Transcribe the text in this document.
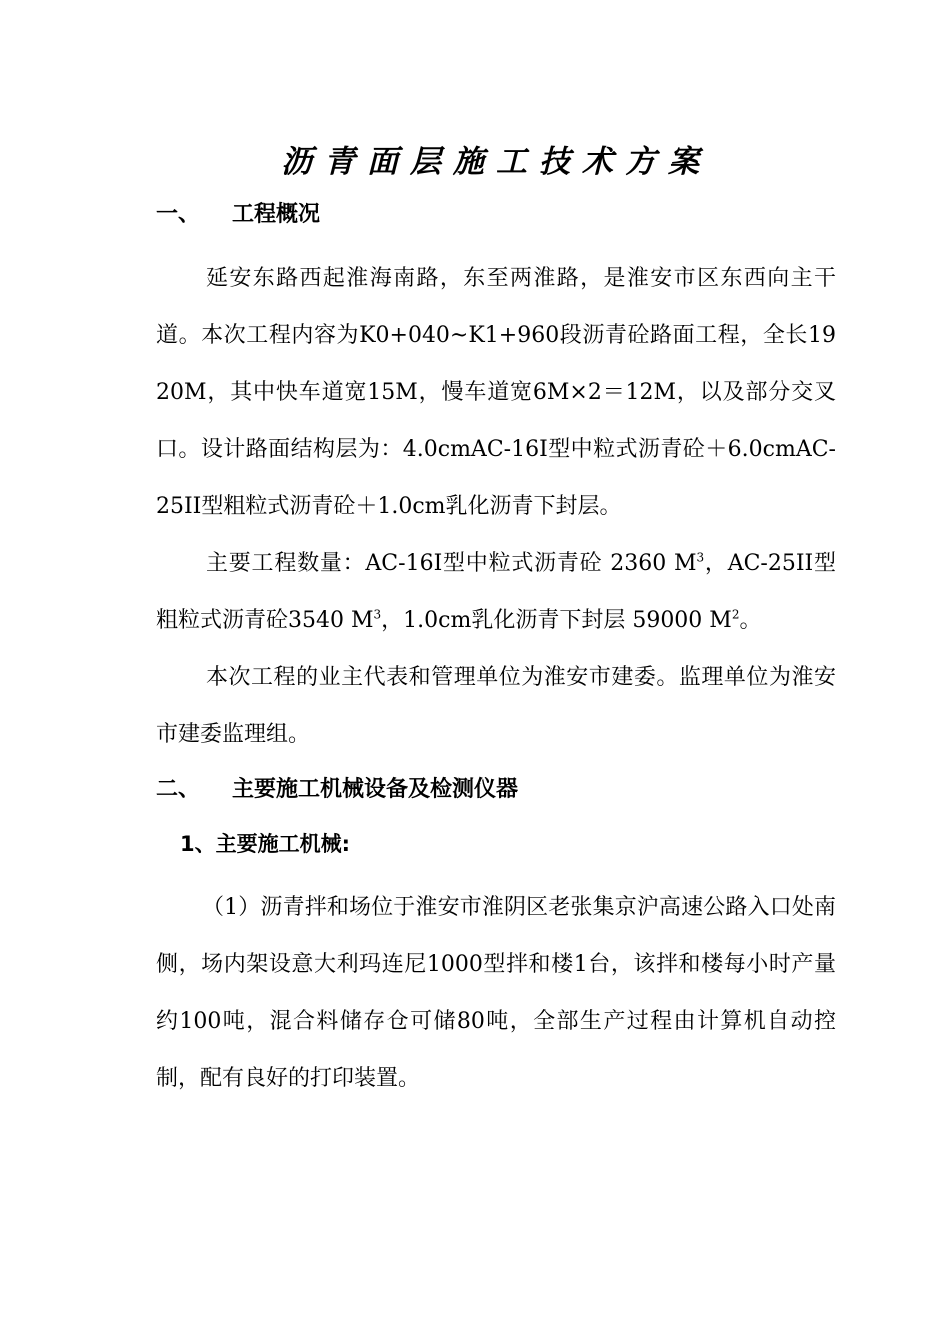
沥青面层施工技术方案
一、 工程概况

延安东路西起淮海南路，东至两淮路，是淮安市区东西向主干道。本次工程内容为K0+040~K1+960段沥青砼路面工程，全长1920M，其中快车道宽15M，慢车道宽6M×2＝12M，以及部分交叉口。设计路面结构层为：4.0cmAC-16I型中粒式沥青砼＋6.0cmAC-25II型粗粒式沥青砼＋1.0cm乳化沥青下封层。

主要工程数量：AC-16I型中粒式沥青砼 2360 $M^3$，AC-25II型粗粒式沥青砼3540 $M^3$，1.0cm乳化沥青下封层 59000 $M^2$。

本次工程的业主代表和管理单位为淮安市建委。监理单位为淮安市建委监理组。

二、 主要施工机械设备及检测仪器
1、主要施工机械:

（1）沥青拌和场位于淮安市淮阴区老张集京沪高速公路入口处南侧，场内架设意大利玛连尼1000型拌和楼1台，该拌和楼每小时产量约100吨，混合料储存仓可储80吨，全部生产过程由计算机自动控制，配有良好的打印装置。
